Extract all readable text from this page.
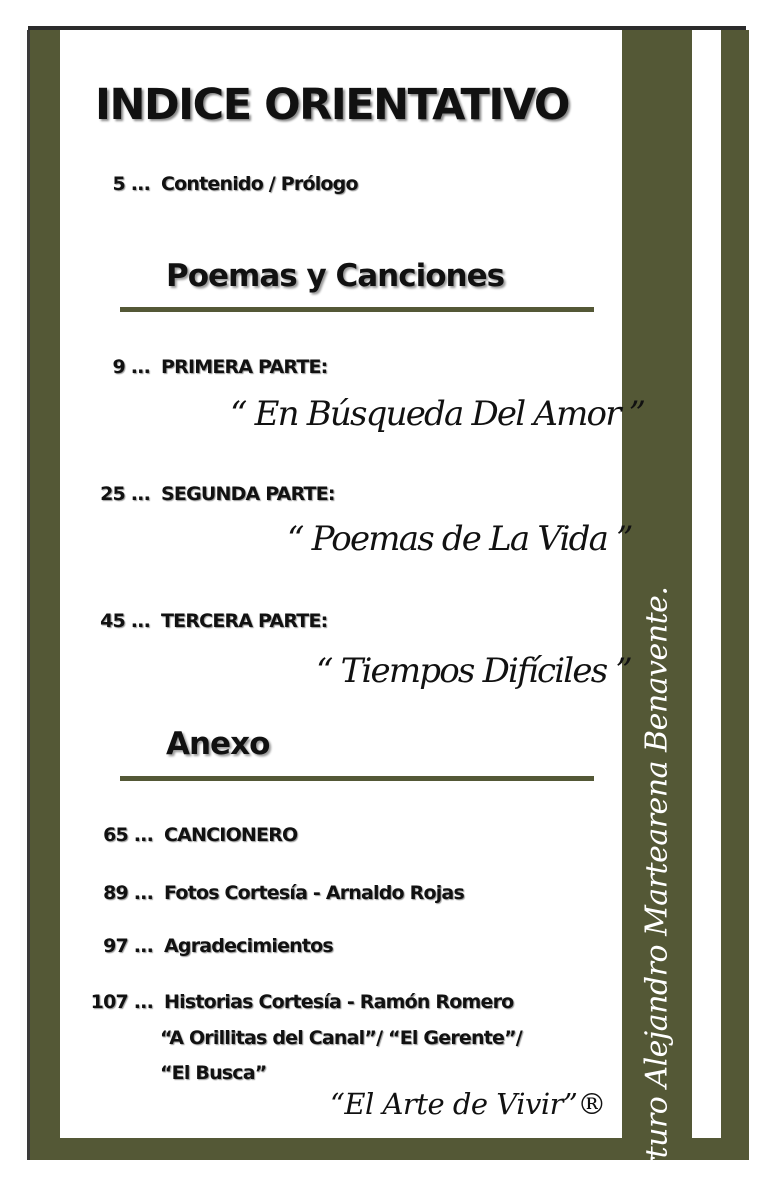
Arturo Alejandro Martearena Benavente.
INDICE ORIENTATIVO
5 ... Contenido / Prólogo
Poemas y Canciones
9 ... PRIMERA PARTE:
“ En Búsqueda Del Amor ”
25 ... SEGUNDA PARTE:
“ Poemas de La Vida ”
45 ... TERCERA PARTE:
“ Tiempos Difíciles ”
Anexo
65 ... CANCIONERO
89 ... Fotos Cortesía - Arnaldo Rojas
97 ... Agradecimientos
107 ... Historias Cortesía - Ramón Romero
“A Orillitas del Canal”/ “El Gerente”/
“El Busca”
“El Arte de Vivir”®
